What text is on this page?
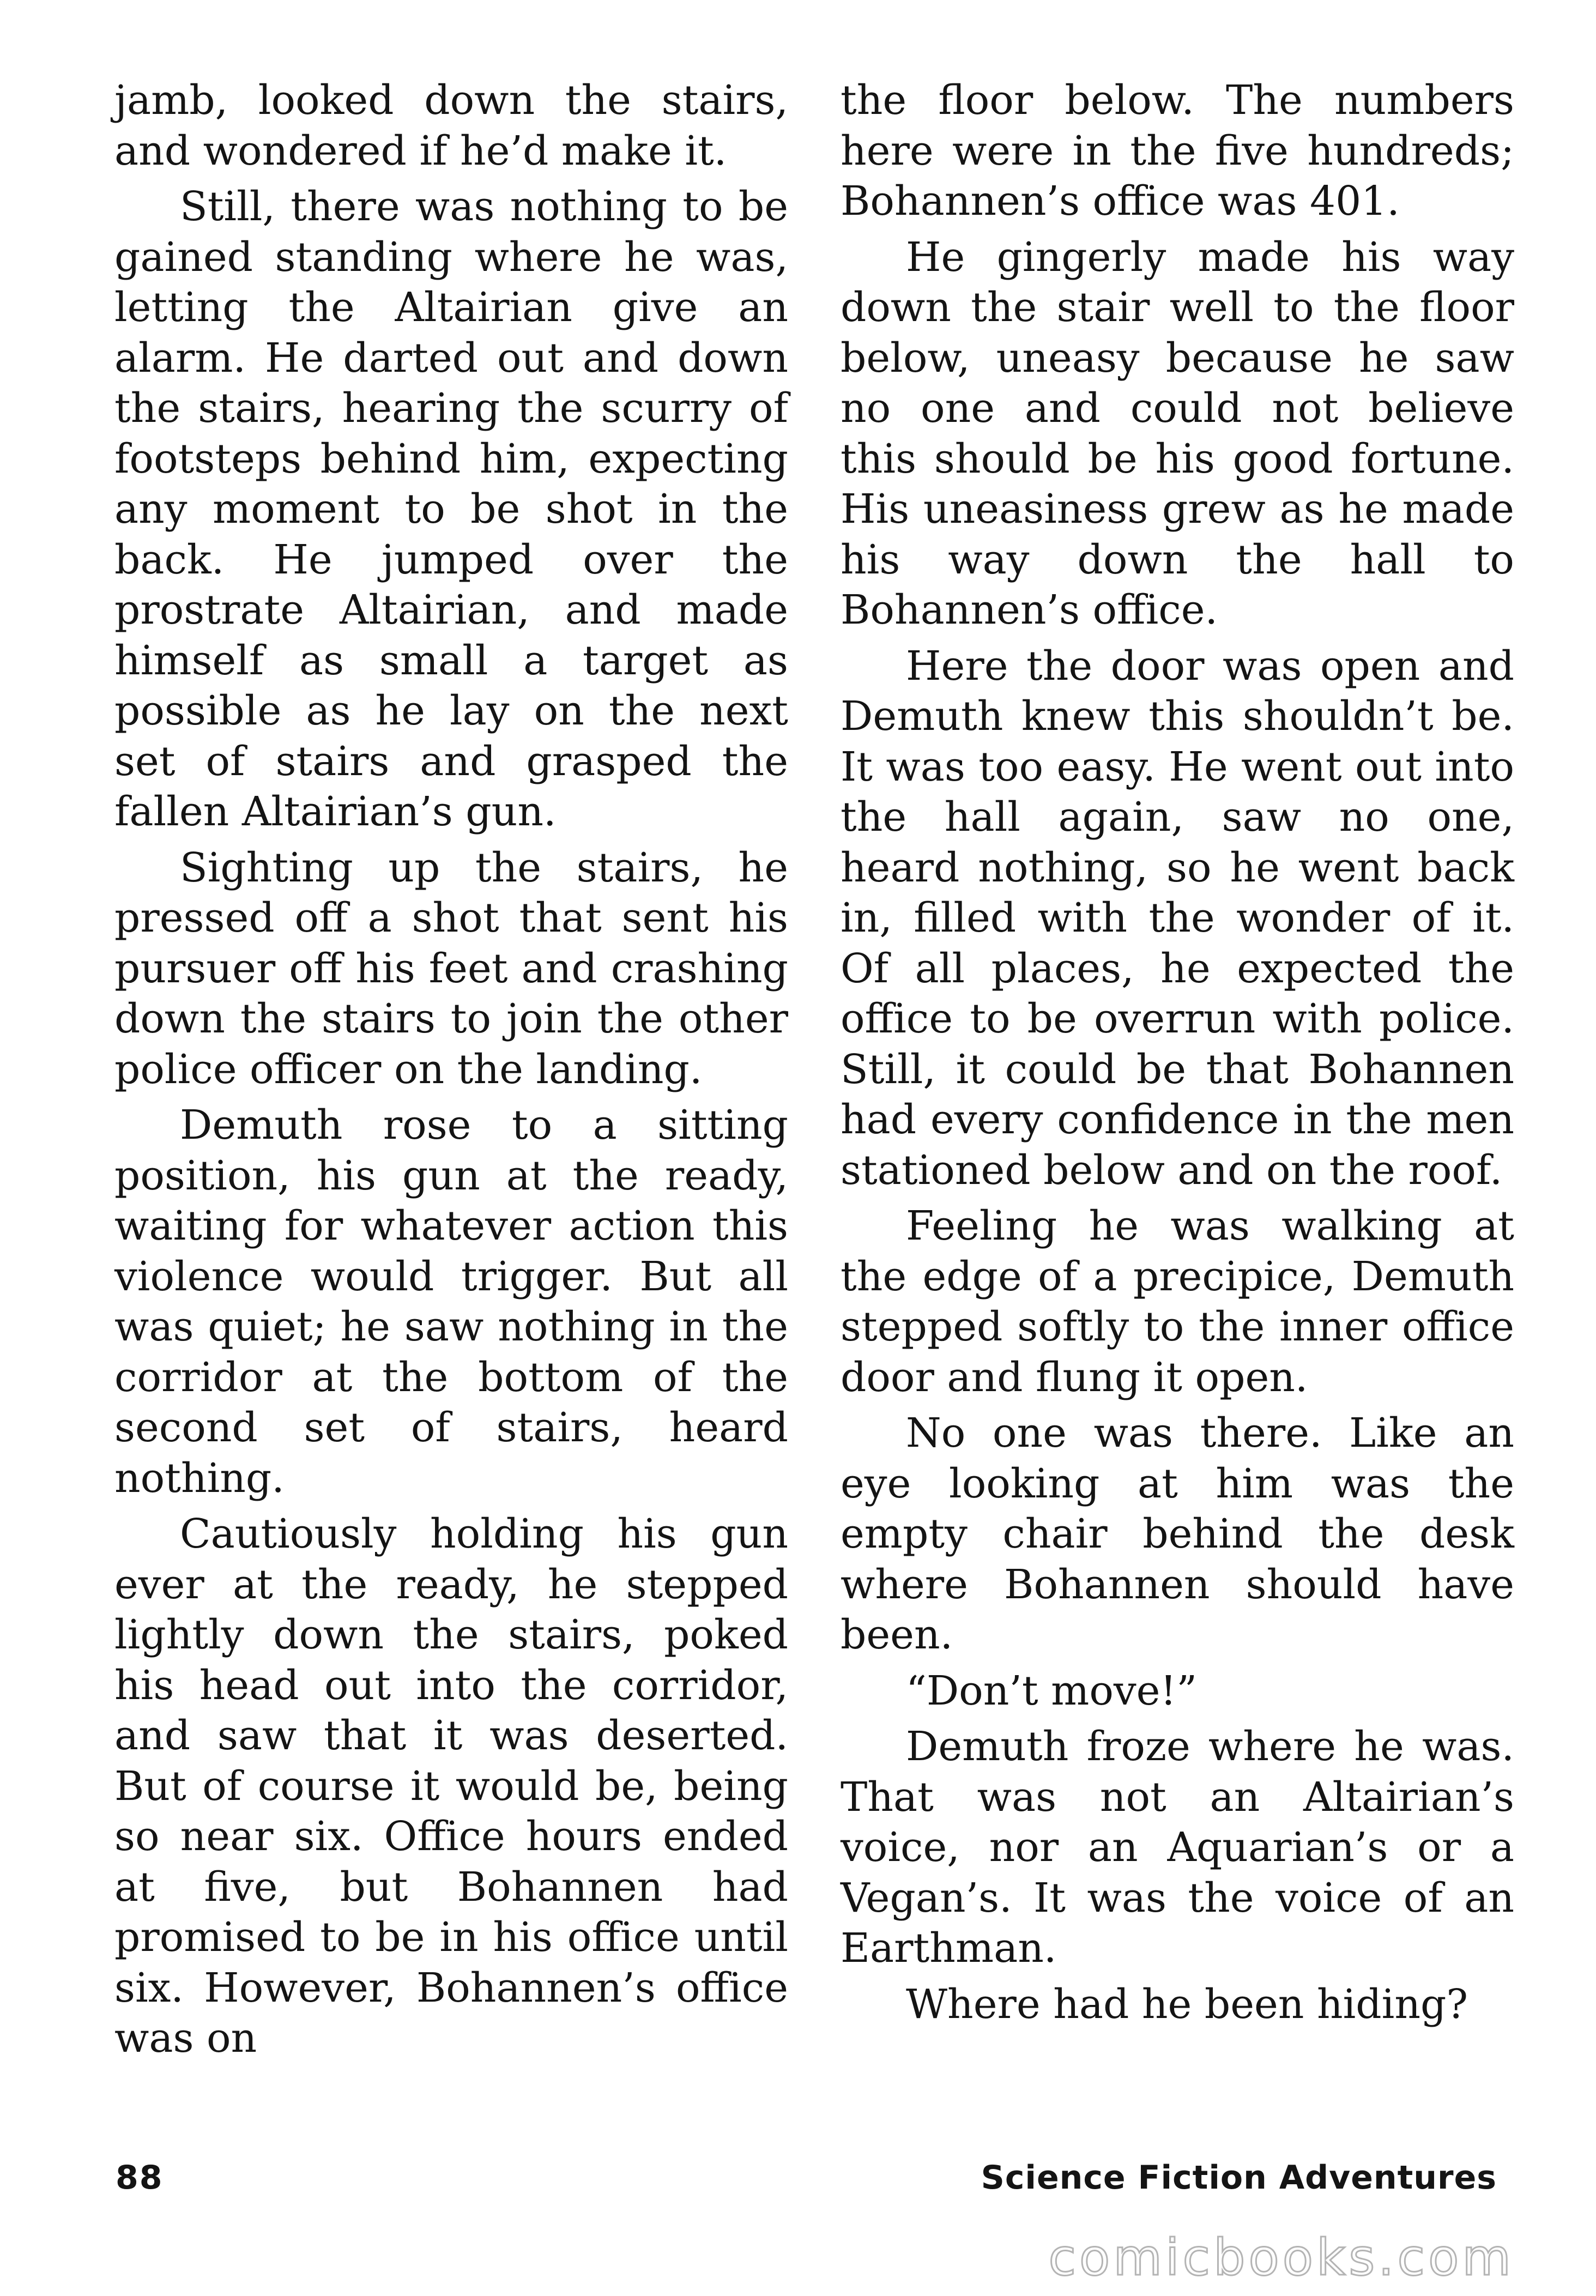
jamb, looked down the stairs, and wondered if he’d make it.

Still, there was nothing to be gained standing where he was, letting the Altairian give an alarm. He darted out and down the stairs, hearing the scurry of footsteps behind him, expecting any moment to be shot in the back. He jumped over the prostrate Altairian, and made himself as small a target as possible as he lay on the next set of stairs and grasped the fallen Altairian’s gun.

Sighting up the stairs, he pressed off a shot that sent his pursuer off his feet and crashing down the stairs to join the other police officer on the landing.

Demuth rose to a sitting position, his gun at the ready, waiting for whatever action this violence would trigger. But all was quiet; he saw nothing in the corridor at the bottom of the second set of stairs, heard nothing.

Cautiously holding his gun ever at the ready, he stepped lightly down the stairs, poked his head out into the corridor, and saw that it was deserted. But of course it would be, being so near six. Office hours ended at five, but Bohannen had promised to be in his office until six. However, Bohannen’s office was on

the floor below. The numbers here were in the five hundreds; Bohannen’s office was 401.

He gingerly made his way down the stair well to the floor below, uneasy because he saw no one and could not believe this should be his good fortune. His uneasiness grew as he made his way down the hall to Bohannen’s office.

Here the door was open and Demuth knew this shouldn’t be. It was too easy. He went out into the hall again, saw no one, heard nothing, so he went back in, filled with the wonder of it. Of all places, he expected the office to be overrun with police. Still, it could be that Bohannen had every confidence in the men stationed below and on the roof.

Feeling he was walking at the edge of a precipice, Demuth stepped softly to the inner office door and flung it open.

No one was there. Like an eye looking at him was the empty chair behind the desk where Bohannen should have been.

“Don’t move!”

Demuth froze where he was. That was not an Altairian’s voice, nor an Aquarian’s or a Vegan’s. It was the voice of an Earthman.

Where had he been hiding?

88	Science Fiction Adventures
comicbooks.com
